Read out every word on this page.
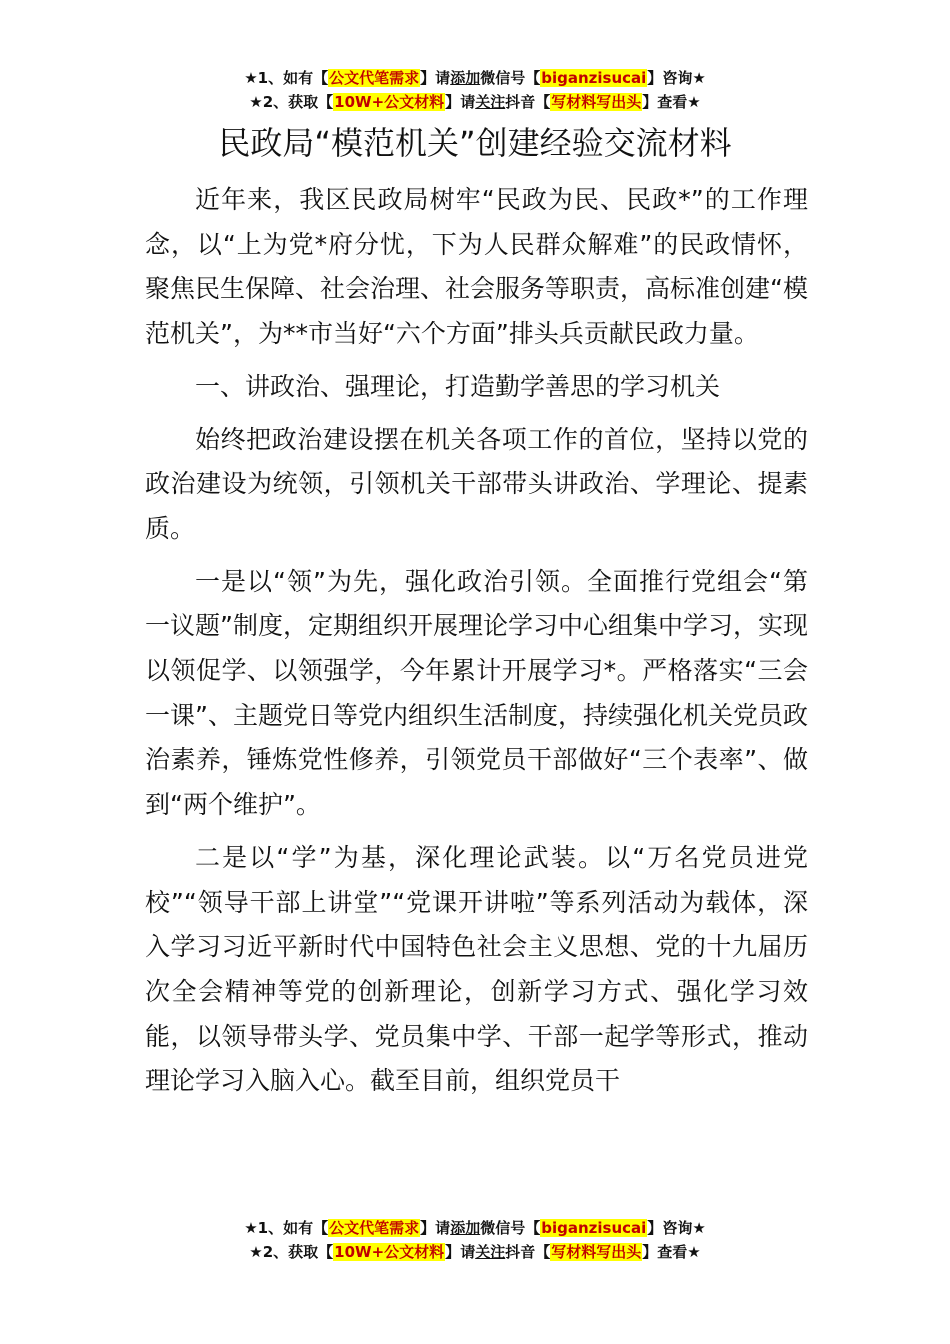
★1、如有【公文代笔需求】请添加微信号【biganzisucai】咨询★
★2、获取【10W+公文材料】请关注抖音【写材料写出头】查看★
民政局“模范机关”创建经验交流材料

近年来，我区民政局树牢“民政为民、民政*”的工作理念，以“上为党*府分忧，下为人民群众解难”的民政情怀，聚焦民生保障、社会治理、社会服务等职责，高标准创建“模范机关”，为**市当好“六个方面”排头兵贡献民政力量。

一、讲政治、强理论，打造勤学善思的学习机关

始终把政治建设摆在机关各项工作的首位，坚持以党的政治建设为统领，引领机关干部带头讲政治、学理论、提素质。

一是以“领”为先，强化政治引领。全面推行党组会“第一议题”制度，定期组织开展理论学习中心组集中学习，实现以领促学、以领强学，今年累计开展学习*。严格落实“三会一课”、主题党日等党内组织生活制度，持续强化机关党员政治素养，锤炼党性修养，引领党员干部做好“三个表率”、做到“两个维护”。

二是以“学”为基，深化理论武装。以“万名党员进党校”“领导干部上讲堂”“党课开讲啦”等系列活动为载体，深入学习习近平新时代中国特色社会主义思想、党的十九届历次全会精神等党的创新理论，创新学习方式、强化学习效能，以领导带头学、党员集中学、干部一起学等形式，推动理论学习入脑入心。截至目前，组织党员干

★1、如有【公文代笔需求】请添加微信号【biganzisucai】咨询★
★2、获取【10W+公文材料】请关注抖音【写材料写出头】查看★
